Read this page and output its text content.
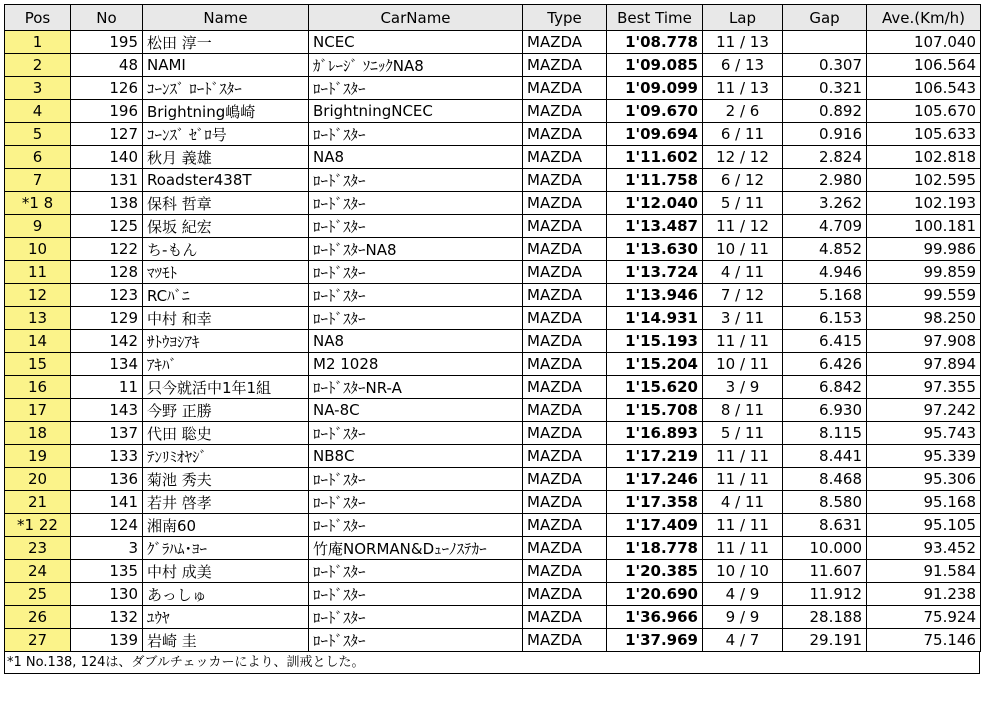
Pos	No	Name	CarName	Type	Best Time	Lap	Gap	Ave.(Km/h)
1	195	松田 淳一	NCEC	MAZDA	1'08.778	11 / 13		107.040
2	48	NAMI	ｶﾞﾚｰｼﾞ ｿﾆｯｸNA8	MAZDA	1'09.085	6 / 13	0.307	106.564
3	126	ｺｰﾝｽﾞ ﾛｰﾄﾞｽﾀｰ	ﾛｰﾄﾞｽﾀｰ	MAZDA	1'09.099	11 / 13	0.321	106.543
4	196	Brightning嶋崎	BrightningNCEC	MAZDA	1'09.670	2 / 6	0.892	105.670
5	127	ｺｰﾝｽﾞ ｾﾞﾛ号	ﾛｰﾄﾞｽﾀｰ	MAZDA	1'09.694	6 / 11	0.916	105.633
6	140	秋月 義雄	NA8	MAZDA	1'11.602	12 / 12	2.824	102.818
7	131	Roadster438T	ﾛｰﾄﾞｽﾀｰ	MAZDA	1'11.758	6 / 12	2.980	102.595
*1 8	138	保科 哲章	ﾛｰﾄﾞｽﾀｰ	MAZDA	1'12.040	5 / 11	3.262	102.193
9	125	保坂 紀宏	ﾛｰﾄﾞｽﾀｰ	MAZDA	1'13.487	11 / 12	4.709	100.181
10	122	ち-もん	ﾛｰﾄﾞｽﾀｰNA8	MAZDA	1'13.630	10 / 11	4.852	99.986
11	128	ﾏﾂﾓﾄ	ﾛｰﾄﾞｽﾀｰ	MAZDA	1'13.724	4 / 11	4.946	99.859
12	123	RCﾊﾞﾆ	ﾛｰﾄﾞｽﾀｰ	MAZDA	1'13.946	7 / 12	5.168	99.559
13	129	中村 和幸	ﾛｰﾄﾞｽﾀｰ	MAZDA	1'14.931	3 / 11	6.153	98.250
14	142	ｻﾄｳﾖｼｱｷ	NA8	MAZDA	1'15.193	11 / 11	6.415	97.908
15	134	ｱｷﾊﾞ	M2 1028	MAZDA	1'15.204	10 / 11	6.426	97.894
16	11	只今就活中1年1組	ﾛｰﾄﾞｽﾀｰNR-A	MAZDA	1'15.620	3 / 9	6.842	97.355
17	143	今野 正勝	NA-8C	MAZDA	1'15.708	8 / 11	6.930	97.242
18	137	代田 聡史	ﾛｰﾄﾞｽﾀｰ	MAZDA	1'16.893	5 / 11	8.115	95.743
19	133	ﾃﾝﾘﾐｵﾔｼﾞ	NB8C	MAZDA	1'17.219	11 / 11	8.441	95.339
20	136	菊池 秀夫	ﾛｰﾄﾞｽﾀｰ	MAZDA	1'17.246	11 / 11	8.468	95.306
21	141	若井 啓孝	ﾛｰﾄﾞｽﾀｰ	MAZDA	1'17.358	4 / 11	8.580	95.168
*1 22	124	湘南60	ﾛｰﾄﾞｽﾀｰ	MAZDA	1'17.409	11 / 11	8.631	95.105
23	3	ｸﾞﾗﾊﾑ･ﾖｰ	竹庵NORMAN&Dｭｰﾉｽﾃｶｰ	MAZDA	1'18.778	11 / 11	10.000	93.452
24	135	中村 成美	ﾛｰﾄﾞｽﾀｰ	MAZDA	1'20.385	10 / 10	11.607	91.584
25	130	あっしゅ	ﾛｰﾄﾞｽﾀｰ	MAZDA	1'20.690	4 / 9	11.912	91.238
26	132	ﾕｳﾔ	ﾛｰﾄﾞｽﾀｰ	MAZDA	1'36.966	9 / 9	28.188	75.924
27	139	岩崎 圭	ﾛｰﾄﾞｽﾀｰ	MAZDA	1'37.969	4 / 7	29.191	75.146
*1 No.138, 124は、ダブルチェッカーにより、訓戒とした。
